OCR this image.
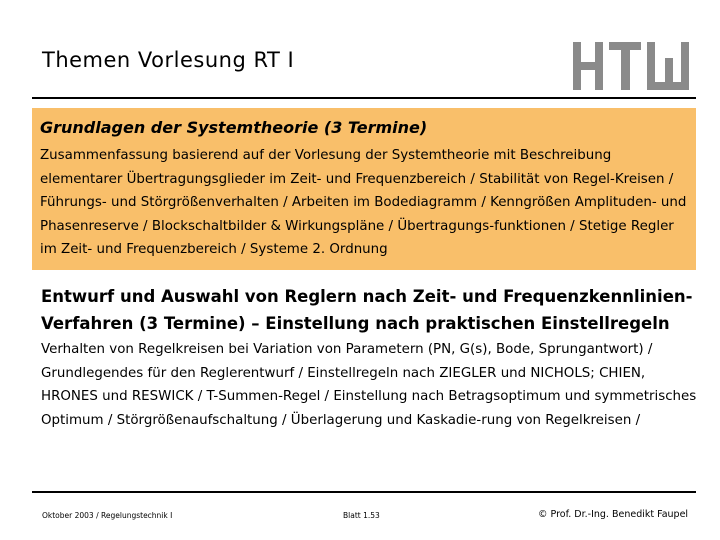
Themen Vorlesung RT I
Grundlagen der Systemtheorie (3 Termine)
Zusammenfassung basierend auf der Vorlesung der Systemtheorie mit Beschreibung elementarer Übertragungsglieder im Zeit- und Frequenzbereich / Stabilität von Regel-Kreisen / Führungs- und Störgrößenverhalten / Arbeiten im Bodediagramm / Kenngrößen Amplituden- und Phasenreserve / Blockschaltbilder & Wirkungspläne / Übertragungs-funktionen / Stetige Regler im Zeit- und Frequenzbereich / Systeme 2. Ordnung
Entwurf und Auswahl von Reglern nach Zeit- und Frequenzkennlinien-Verfahren (3 Termine) – Einstellung nach praktischen Einstellregeln
Verhalten von Regelkreisen bei Variation von Parametern (PN, G(s), Bode, Sprungantwort) / Grundlegendes für den Reglerentwurf / Einstellregeln nach ZIEGLER und NICHOLS; CHIEN, HRONES und RESWICK / T-Summen-Regel / Einstellung nach Betragsoptimum und symmetrisches Optimum / Störgrößenaufschaltung / Überlagerung und Kaskadie-rung von Regelkreisen /
Oktober 2003 / Regelungstechnik I	Blatt 1.53	© Prof. Dr.-Ing. Benedikt Faupel
